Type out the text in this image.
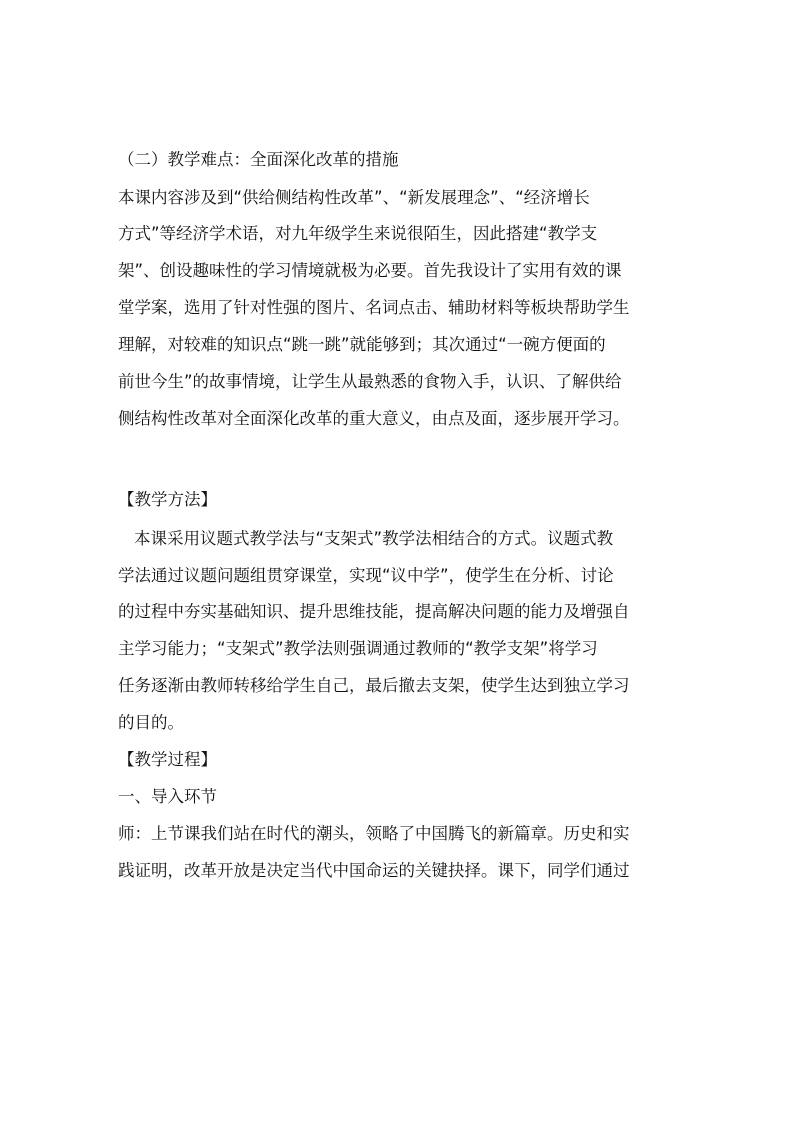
（二）教学难点：全面深化改革的措施
本课内容涉及到“供给侧结构性改革”、“新发展理念”、“经济增长
方式”等经济学术语，对九年级学生来说很陌生，因此搭建“教学支
架”、创设趣味性的学习情境就极为必要。首先我设计了实用有效的课
堂学案，选用了针对性强的图片、名词点击、辅助材料等板块帮助学生
理解，对较难的知识点“跳一跳”就能够到；其次通过“一碗方便面的
前世今生”的故事情境，让学生从最熟悉的食物入手，认识、了解供给
侧结构性改革对全面深化改革的重大意义，由点及面，逐步展开学习。
【教学方法】
本课采用议题式教学法与“支架式”教学法相结合的方式。议题式教
学法通过议题问题组贯穿课堂，实现“议中学”，使学生在分析、讨论
的过程中夯实基础知识、提升思维技能，提高解决问题的能力及增强自
主学习能力；“支架式”教学法则强调通过教师的“教学支架”将学习
任务逐渐由教师转移给学生自己，最后撤去支架，使学生达到独立学习
的目的。
【教学过程】
一、导入环节
师：上节课我们站在时代的潮头，领略了中国腾飞的新篇章。历史和实
践证明，改革开放是决定当代中国命运的关键抉择。课下，同学们通过
